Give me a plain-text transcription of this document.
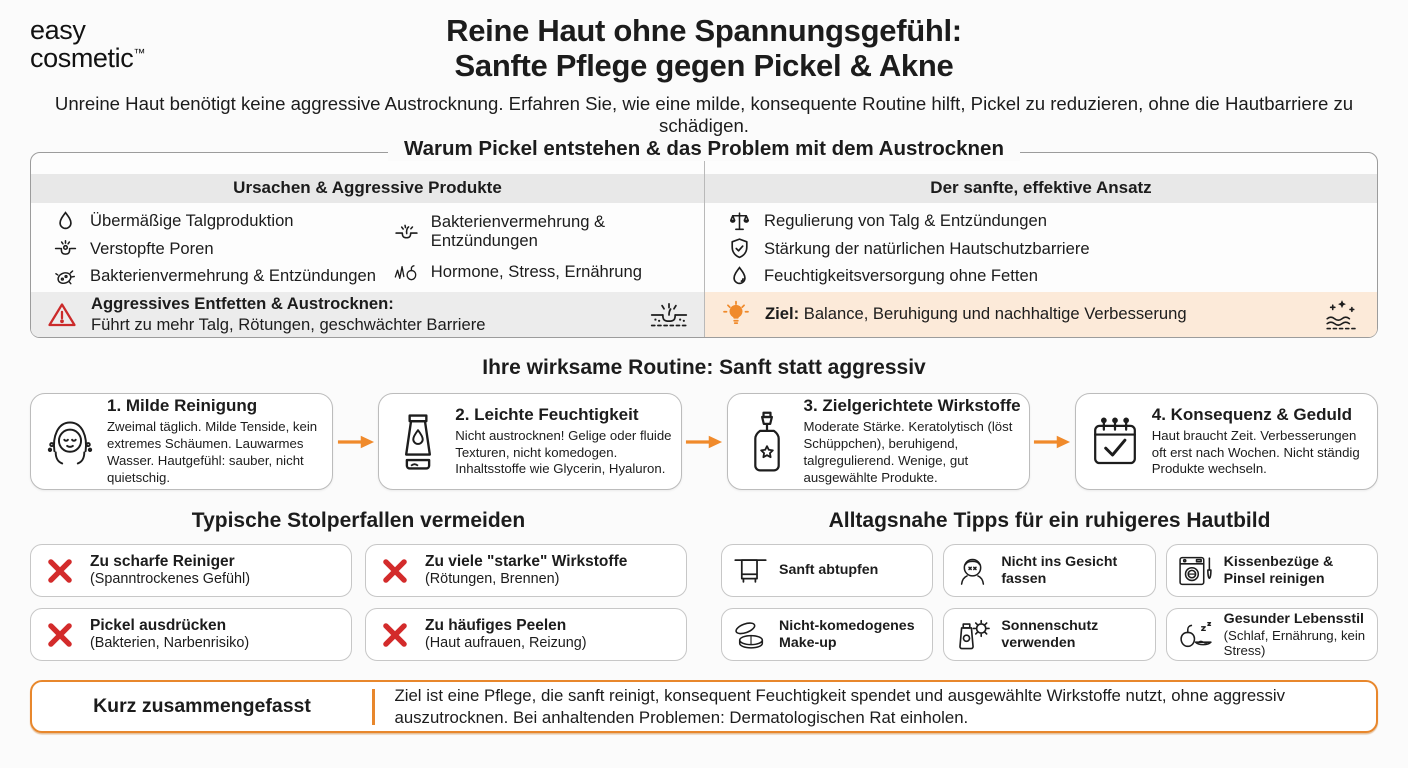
easy
cosmetic™
Reine Haut ohne Spannungsgefühl:
Sanfte Pflege gegen Pickel & Akne

Unreine Haut benötigt keine aggressive Austrocknung. Erfahren Sie, wie eine milde, konsequente Routine hilft, Pickel zu reduzieren, ohne die Hautbarriere zu schädigen.

Warum Pickel entstehen & das Problem mit dem Austrocknen
Ursachen & Aggressive Produkte
Übermäßige Talgproduktion
Verstopfte Poren
Bakterienvermehrung & Entzündungen
Bakterienvermehrung & Entzündungen
Hormone, Stress, Ernährung
Aggressives Entfetten & Austrocknen:
Führt zu mehr Talg, Rötungen, geschwächter Barriere
Der sanfte, effektive Ansatz
Regulierung von Talg & Entzündungen
Stärkung der natürlichen Hautschutzbarriere
Feuchtigkeitsversorgung ohne Fetten
Ziel: Balance, Beruhigung und nachhaltige Verbesserung
Ihre wirksame Routine: Sanft statt aggressiv
1. Milde Reinigung
Zweimal täglich. Milde Tenside, kein extremes Schäumen. Lauwarmes Wasser. Hautgefühl: sauber, nicht quietschig.
2. Leichte Feuchtigkeit
Nicht austrocknen! Gelige oder fluide Texturen, nicht komedogen. Inhaltsstoffe wie Glycerin, Hyaluron.
3. Zielgerichtete Wirkstoffe
Moderate Stärke. Keratolytisch (löst Schüppchen), beruhigend, talgregulierend. Wenige, gut ausgewählte Produkte.
4. Konsequenz & Geduld
Haut braucht Zeit. Verbesserungen oft erst nach Wochen. Nicht ständig Produkte wechseln.
Typische Stolperfallen vermeiden
Zu scharfe Reiniger
(Spanntrockenes Gefühl)
Zu viele "starke" Wirkstoffe
(Rötungen, Brennen)
Pickel ausdrücken
(Bakterien, Narbenrisiko)
Zu häufiges Peelen
(Haut aufrauen, Reizung)
Alltagsnahe Tipps für ein ruhigeres Hautbild
Sanft abtupfen
Nicht ins Gesicht fassen
Kissenbezüge & Pinsel reinigen
Nicht-komedogenes Make-up
Sonnenschutz verwenden
Gesunder Lebensstil
(Schlaf, Ernährung, kein Stress)
Kurz zusammengefasst	Ziel ist eine Pflege, die sanft reinigt, konsequent Feuchtigkeit spendet und ausgewählte Wirkstoffe nutzt, ohne aggressiv auszutrocknen. Bei anhaltenden Problemen: Dermatologischen Rat einholen.
